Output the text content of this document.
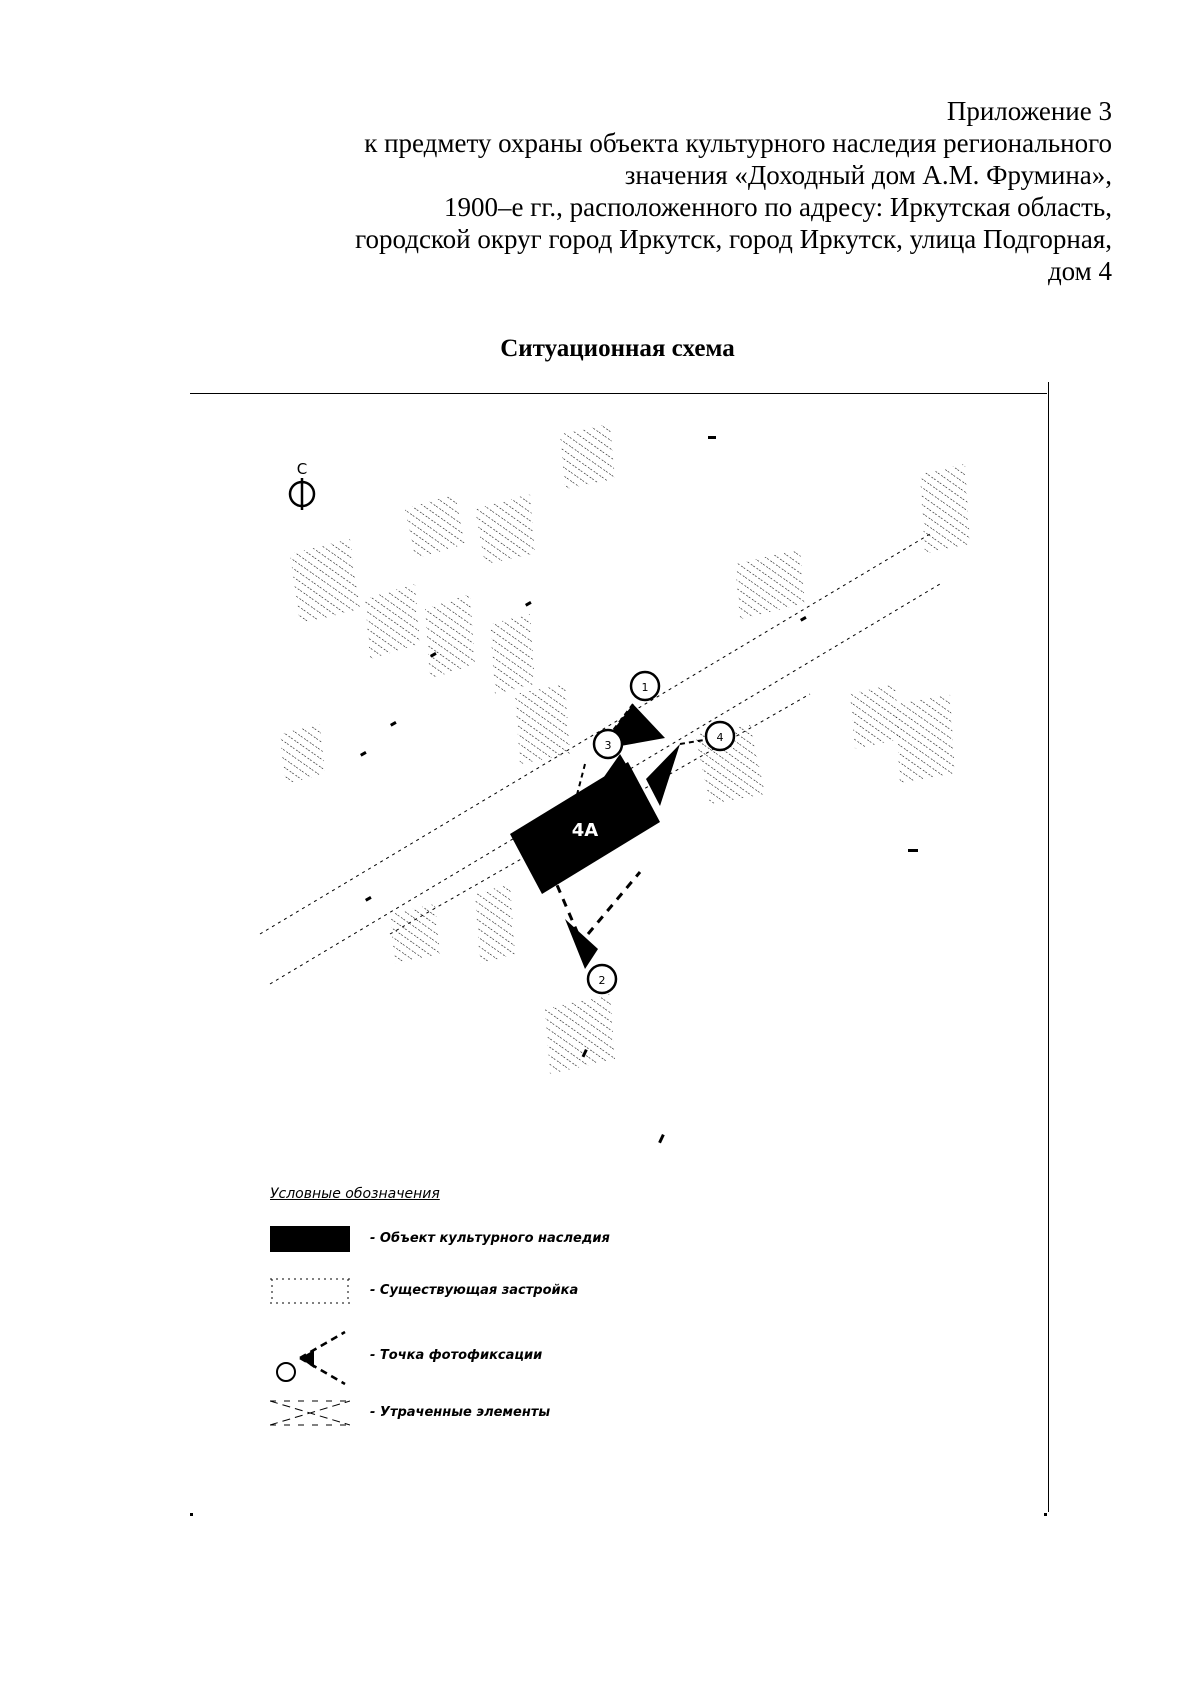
Приложение 3
к предмету охраны объекта культурного наследия регионального
значения «Доходный дом А.М. Фрумина»,
1900–е гг., расположенного по адресу: Иркутская область,
городской округ город Иркутск, город Иркутск, улица Подгорная,
дом 4
Ситуационная схема
С
4А
1
4
3
2
Условные обозначения
- Объект культурного наследия
- Существующая застройка
- Точка фотофиксации
- Утраченные элементы
